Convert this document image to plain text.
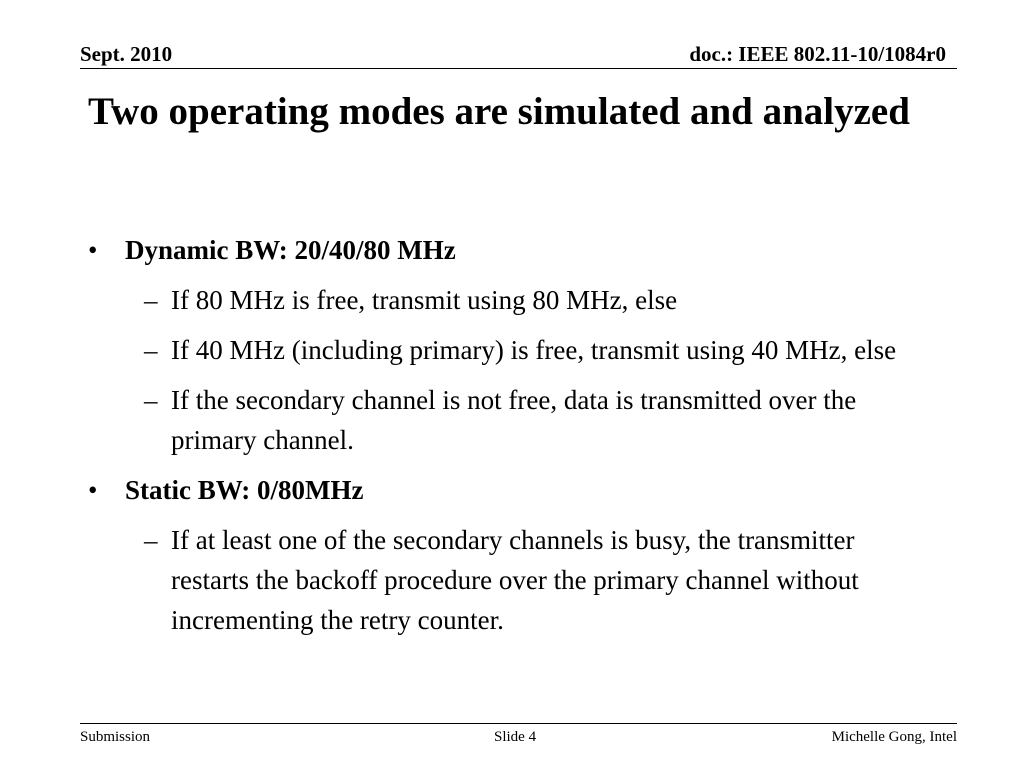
Sept. 2010	doc.: IEEE 802.11-10/1084r0
Two operating modes are simulated and analyzed
• Dynamic BW: 20/40/80 MHz
– If 80 MHz is free, transmit using 80 MHz, else
– If 40 MHz (including primary) is free, transmit using 40 MHz, else
– If the secondary channel is not free, data is transmitted over the primary channel.
• Static BW: 0/80MHz
– If at least one of the secondary channels is busy, the transmitter restarts the backoff procedure over the primary channel without incrementing the retry counter.
Submission	Slide 4	Michelle Gong, Intel
